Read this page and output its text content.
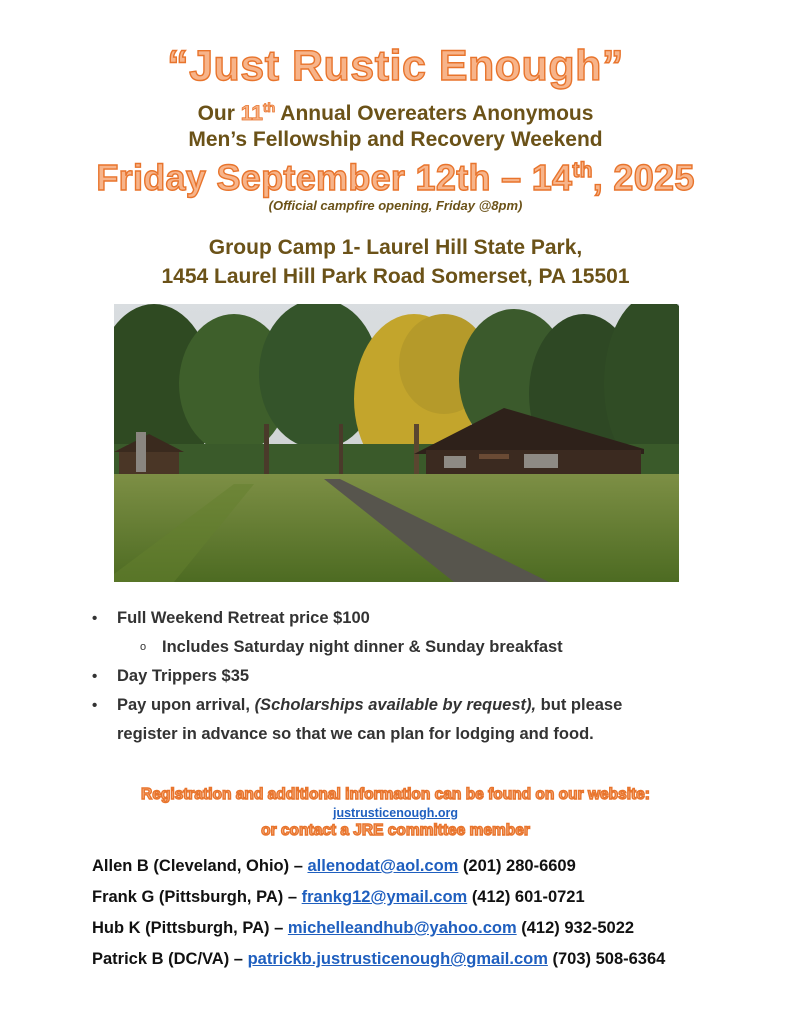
“Just Rustic Enough”
Our 11th Annual Overeaters Anonymous
Men’s Fellowship and Recovery Weekend
Friday September 12th – 14th, 2025
(Official campfire opening, Friday @8pm)
Group Camp 1- Laurel Hill State Park,
1454 Laurel Hill Park Road Somerset, PA 15501
• Full Weekend Retreat price $100
o Includes Saturday night dinner & Sunday breakfast
• Day Trippers $35
• Pay upon arrival, (Scholarships available by request), but please
register in advance so that we can plan for lodging and food.
Registration and additional information can be found on our website:
justrusticenough.org
or contact a JRE committee member
Allen B (Cleveland, Ohio) – allenodat@aol.com (201) 280-6609
Frank G (Pittsburgh, PA) – frankg12@ymail.com (412) 601-0721
Hub K (Pittsburgh, PA) – michelleandhub@yahoo.com (412) 932-5022
Patrick B (DC/VA) – patrickb.justrusticenough@gmail.com (703) 508-6364
